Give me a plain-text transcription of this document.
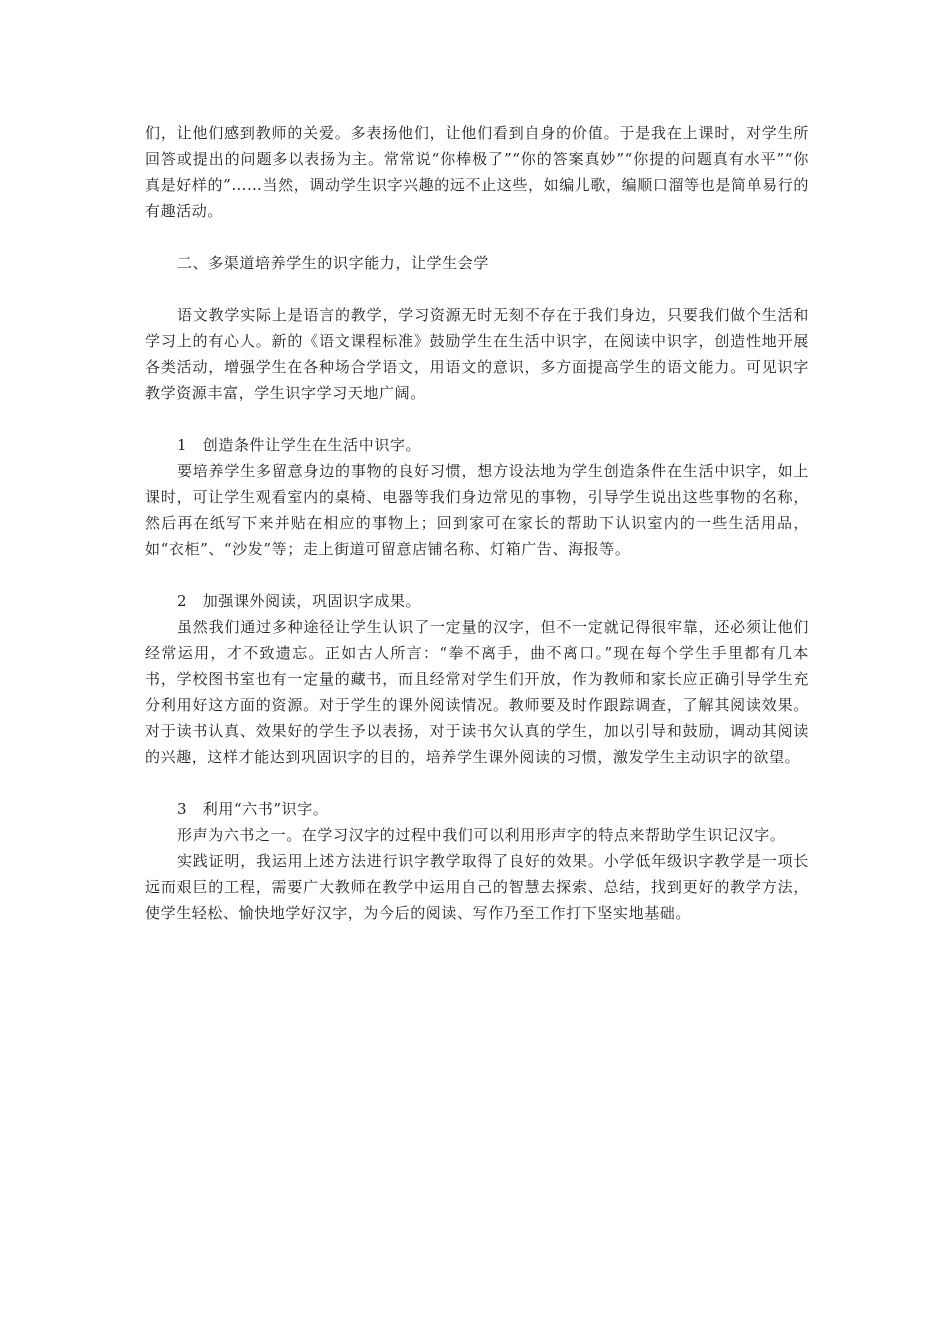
们，让他们感到教师的关爱。多表扬他们，让他们看到自身的价值。于是我在上课时，对学生所回答或提出的问题多以表扬为主。常常说“你棒极了”“你的答案真妙”“你提的问题真有水平”“你真是好样的”……当然，调动学生识字兴趣的远不止这些，如编儿歌，编顺口溜等也是简单易行的有趣活动。

二、多渠道培养学生的识字能力，让学生会学

语文教学实际上是语言的教学，学习资源无时无刻不存在于我们身边，只要我们做个生活和学习上的有心人。新的《语文课程标准》鼓励学生在生活中识字，在阅读中识字，创造性地开展各类活动，增强学生在各种场合学语文，用语文的意识，多方面提高学生的语文能力。可见识字教学资源丰富，学生识字学习天地广阔。

1　创造条件让学生在生活中识字。

要培养学生多留意身边的事物的良好习惯，想方设法地为学生创造条件在生活中识字，如上课时，可让学生观看室内的桌椅、电器等我们身边常见的事物，引导学生说出这些事物的名称，然后再在纸写下来并贴在相应的事物上；回到家可在家长的帮助下认识室内的一些生活用品，如“衣柜”、“沙发”等；走上街道可留意店铺名称、灯箱广告、海报等。

2　加强课外阅读，巩固识字成果。

虽然我们通过多种途径让学生认识了一定量的汉字，但不一定就记得很牢靠，还必须让他们经常运用，才不致遗忘。正如古人所言：“拳不离手，曲不离口。”现在每个学生手里都有几本书，学校图书室也有一定量的藏书，而且经常对学生们开放，作为教师和家长应正确引导学生充分利用好这方面的资源。对于学生的课外阅读情况。教师要及时作跟踪调查，了解其阅读效果。对于读书认真、效果好的学生予以表扬，对于读书欠认真的学生，加以引导和鼓励，调动其阅读的兴趣，这样才能达到巩固识字的目的，培养学生课外阅读的习惯，激发学生主动识字的欲望。

3　利用“六书”识字。

形声为六书之一。在学习汉字的过程中我们可以利用形声字的特点来帮助学生识记汉字。

实践证明，我运用上述方法进行识字教学取得了良好的效果。小学低年级识字教学是一项长远而艰巨的工程，需要广大教师在教学中运用自己的智慧去探索、总结，找到更好的教学方法，使学生轻松、愉快地学好汉字，为今后的阅读、写作乃至工作打下坚实地基础。
